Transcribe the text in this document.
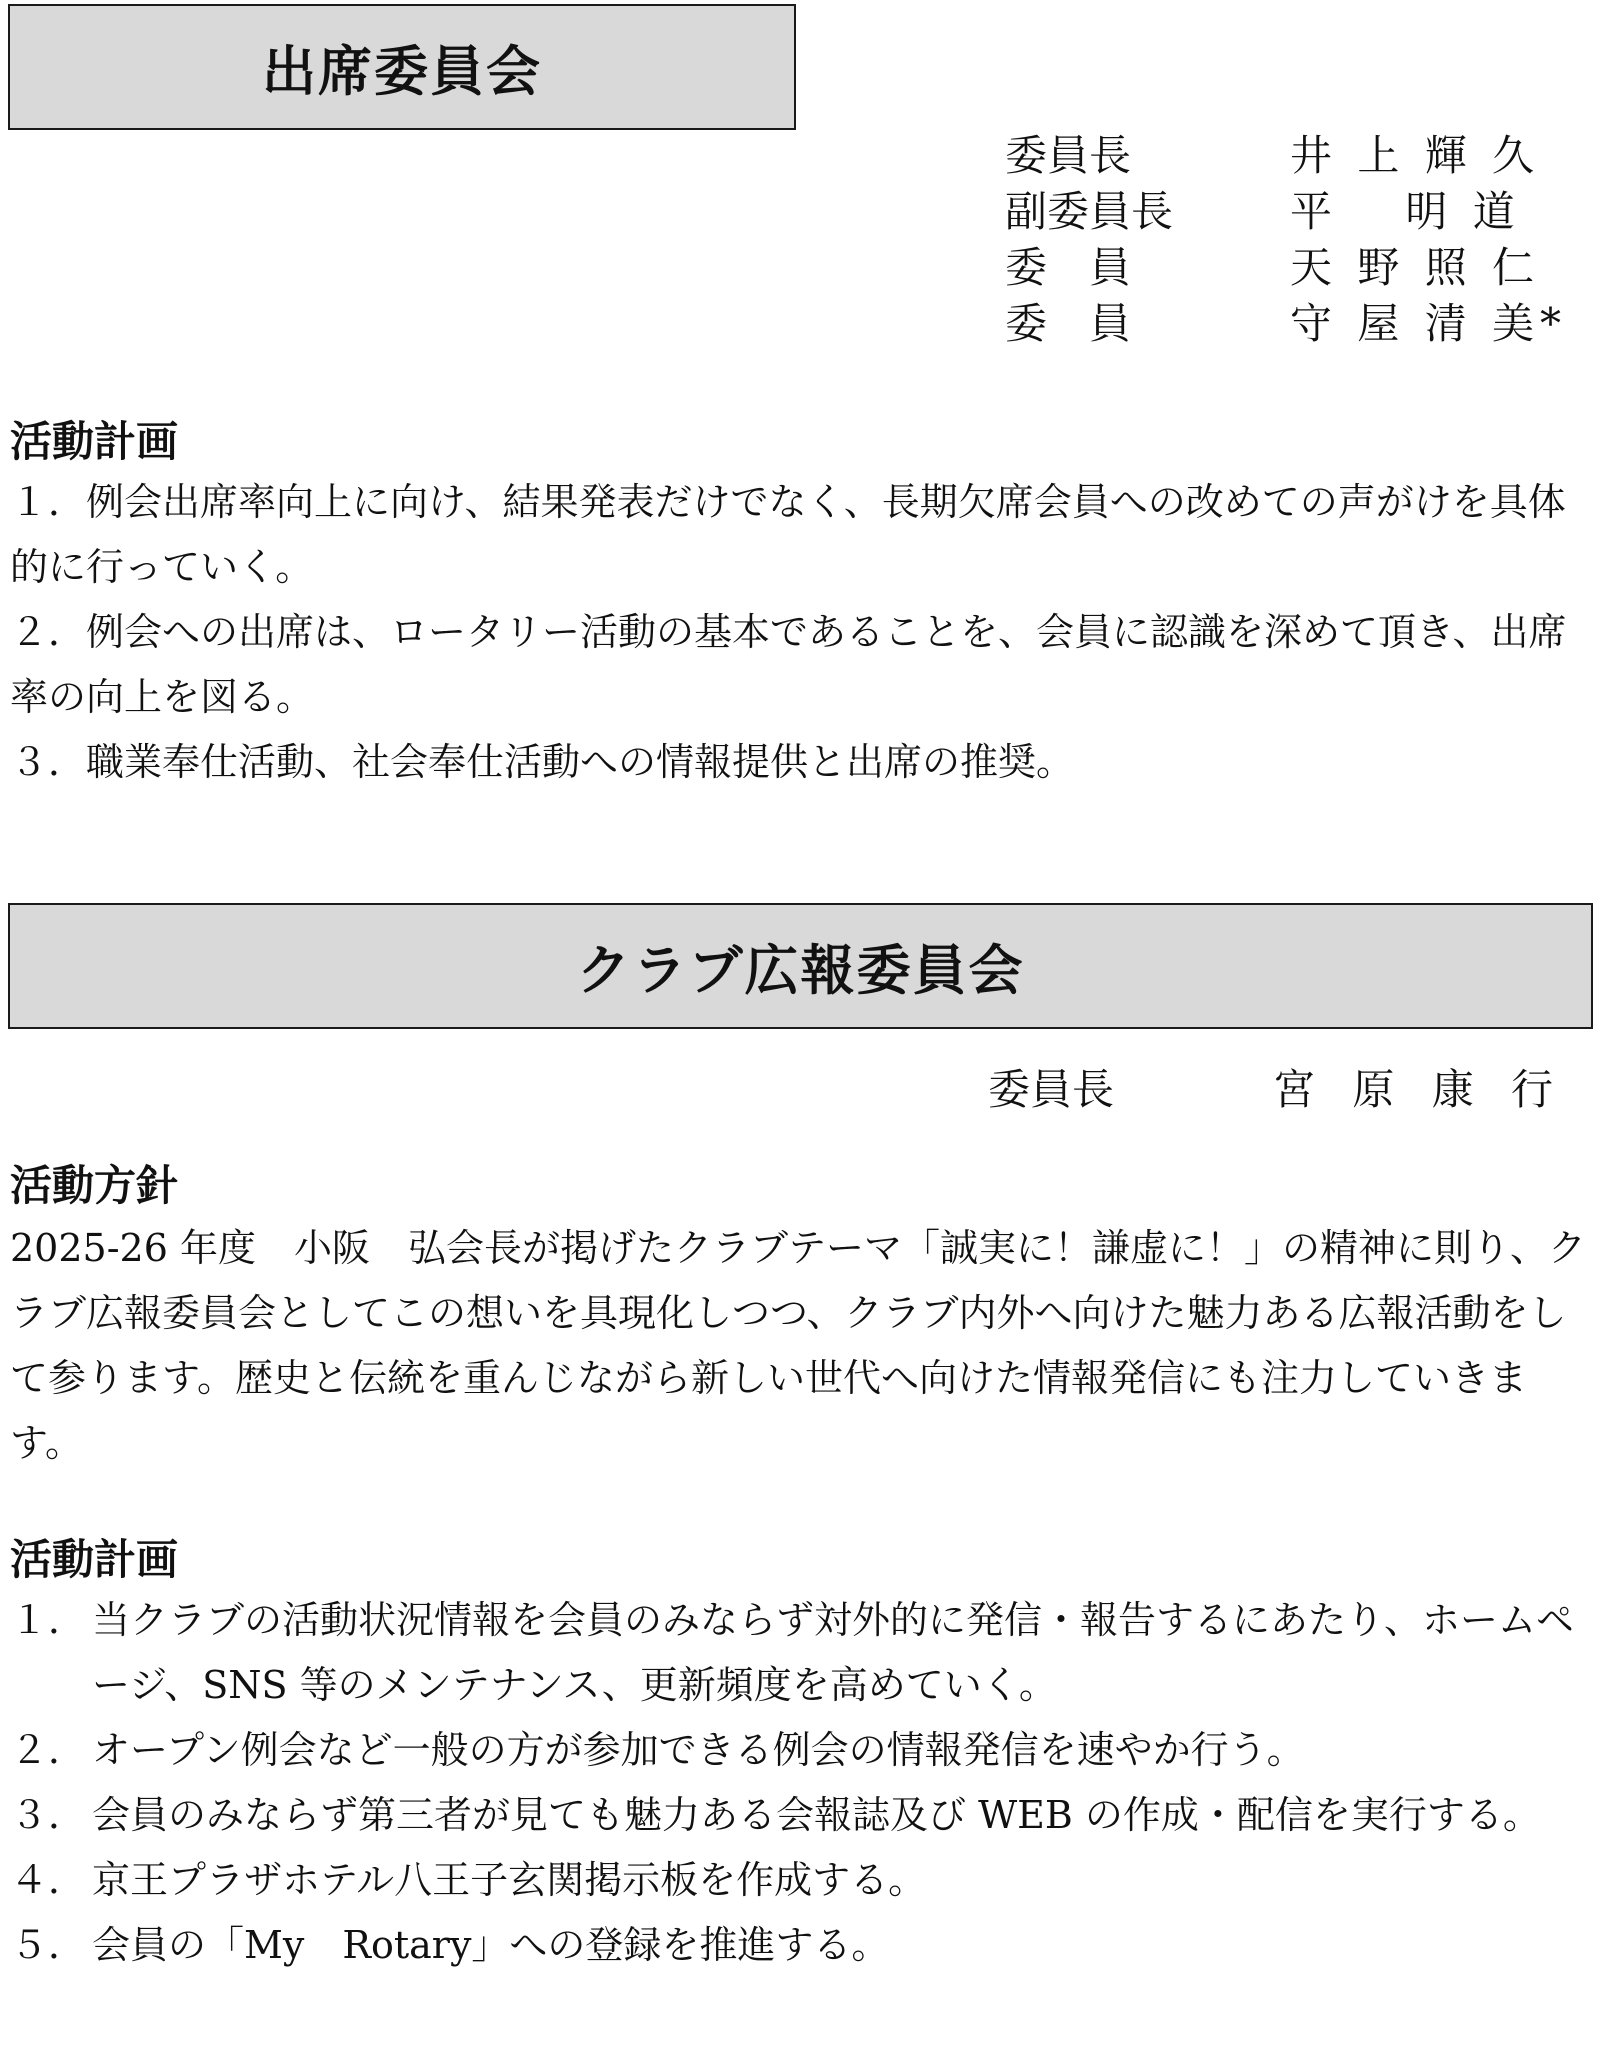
出席委員会
委員長	井 上 輝 久
副委員長	平　 明 道
委　員	天 野 照 仁
委　員	守 屋 清 美*
活動計画

１．例会出席率向上に向け、結果発表だけでなく、長期欠席会員への改めての声がけを具体的に行っていく。

２．例会への出席は、ロータリー活動の基本であることを、会員に認識を深めて頂き、出席率の向上を図る。

３．職業奉仕活動、社会奉仕活動への情報提供と出席の推奨。

クラブ広報委員会
委員長	宮 原 康 行
活動方針

2025-26 年度　小阪　弘会長が掲げたクラブテーマ「誠実に！謙虚に！」の精神に則り、クラブ広報委員会としてこの想いを具現化しつつ、クラブ内外へ向けた魅力ある広報活動をして参ります。歴史と伝統を重んじながら新しい世代へ向けた情報発信にも注力していきます。

活動計画

１． 当クラブの活動状況情報を会員のみならず対外的に発信・報告するにあたり、ホームページ、SNS 等のメンテナンス、更新頻度を高めていく。

２． オープン例会など一般の方が参加できる例会の情報発信を速やか行う。

３． 会員のみならず第三者が見ても魅力ある会報誌及び WEB の作成・配信を実行する。

４． 京王プラザホテル八王子玄関掲示板を作成する。

５． 会員の「My　Rotary」への登録を推進する。
